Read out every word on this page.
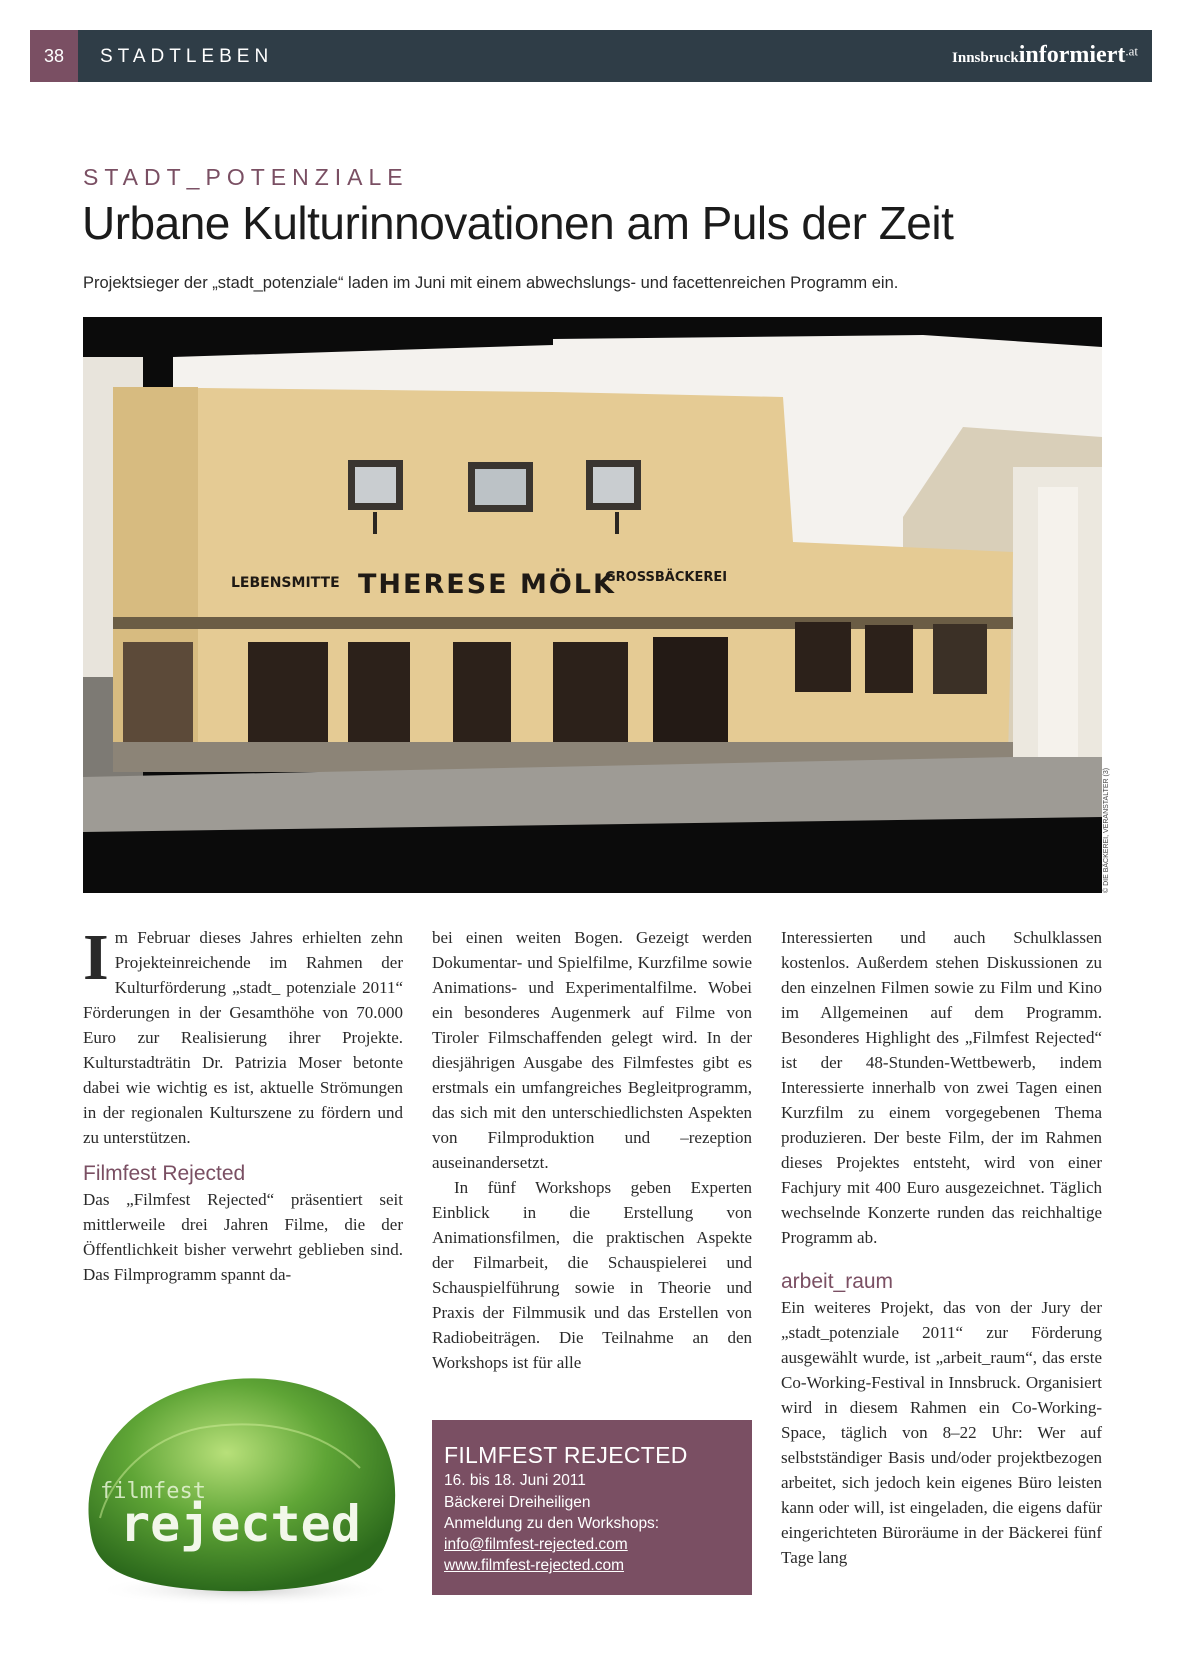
38	STADTLEBEN	Innsbruckinformiert$^{.at}$
STADT_POTENZIALE
Urbane Kulturinnovationen am Puls der Zeit
Projektsieger der „stadt_potenziale“ laden im Juni mit einem abwechslungs- und facettenreichen Programm ein.
LEBENSMITTE THERESE MÖLK
GROSSBÄCKEREI
© DIE BÄCKEREI, VERANSTALTER (3)

Im Februar dieses Jahres erhielten zehn Projekteinreichende im Rahmen der Kulturförderung „stadt_ potenziale 2011“ Förderungen in der Gesamthöhe von 70.000 Euro zur Realisierung ihrer Projekte. Kulturstadträtin Dr. Patrizia Moser betonte dabei wie wichtig es ist, aktuelle Strömungen in der regionalen Kulturszene zu fördern und zu unterstützen.

Filmfest Rejected

Das „Filmfest Rejected“ präsentiert seit mittlerweile drei Jahren Filme, die der Öffentlichkeit bisher verwehrt geblieben sind. Das Filmprogramm spannt da-

bei einen weiten Bogen. Gezeigt werden Dokumentar- und Spielfilme, Kurzfilme sowie Animations- und Experimentalfilme. Wobei ein besonderes Augenmerk auf Filme von Tiroler Filmschaffenden gelegt wird. In der diesjährigen Ausgabe des Filmfestes gibt es erstmals ein umfangreiches Begleitprogramm, das sich mit den unterschiedlichsten Aspekten von Filmproduktion und –rezeption auseinandersetzt.

In fünf Workshops geben Experten Einblick in die Erstellung von Animationsfilmen, die praktischen Aspekte der Filmarbeit, die Schauspielerei und Schauspielführung sowie in Theorie und Praxis der Filmmusik und das Erstellen von Radiobeiträgen. Die Teilnahme an den Workshops ist für alle

Interessierten und auch Schulklassen kostenlos. Außerdem stehen Diskussionen zu den einzelnen Filmen sowie zu Film und Kino im Allgemeinen auf dem Programm. Besonderes Highlight des „Filmfest Rejected“ ist der 48-Stunden-Wettbewerb, indem Interessierte innerhalb von zwei Tagen einen Kurzfilm zu einem vorgegebenen Thema produzieren. Der beste Film, der im Rahmen dieses Projektes entsteht, wird von einer Fachjury mit 400 Euro ausgezeichnet. Täglich wechselnde Konzerte runden das reichhaltige Programm ab.

arbeit_raum

Ein weiteres Projekt, das von der Jury der „stadt_potenziale 2011“ zur Förderung ausgewählt wurde, ist „arbeit_raum“, das erste Co-Working-Festival in Innsbruck. Organisiert wird in diesem Rahmen ein Co-Working-Space, täglich von 8–22 Uhr: Wer auf selbstständiger Basis und/oder projektbezogen arbeitet, sich jedoch kein eigenes Büro leisten kann oder will, ist eingeladen, die eigens dafür eingerichteten Büroräume in der Bäckerei fünf Tage lang

FILMFEST REJECTED
16. bis 18. Juni 2011
Bäckerei Dreiheiligen
Anmeldung zu den Workshops:
info@filmfest-rejected.com
www.filmfest-rejected.com
filmfest
rejected
